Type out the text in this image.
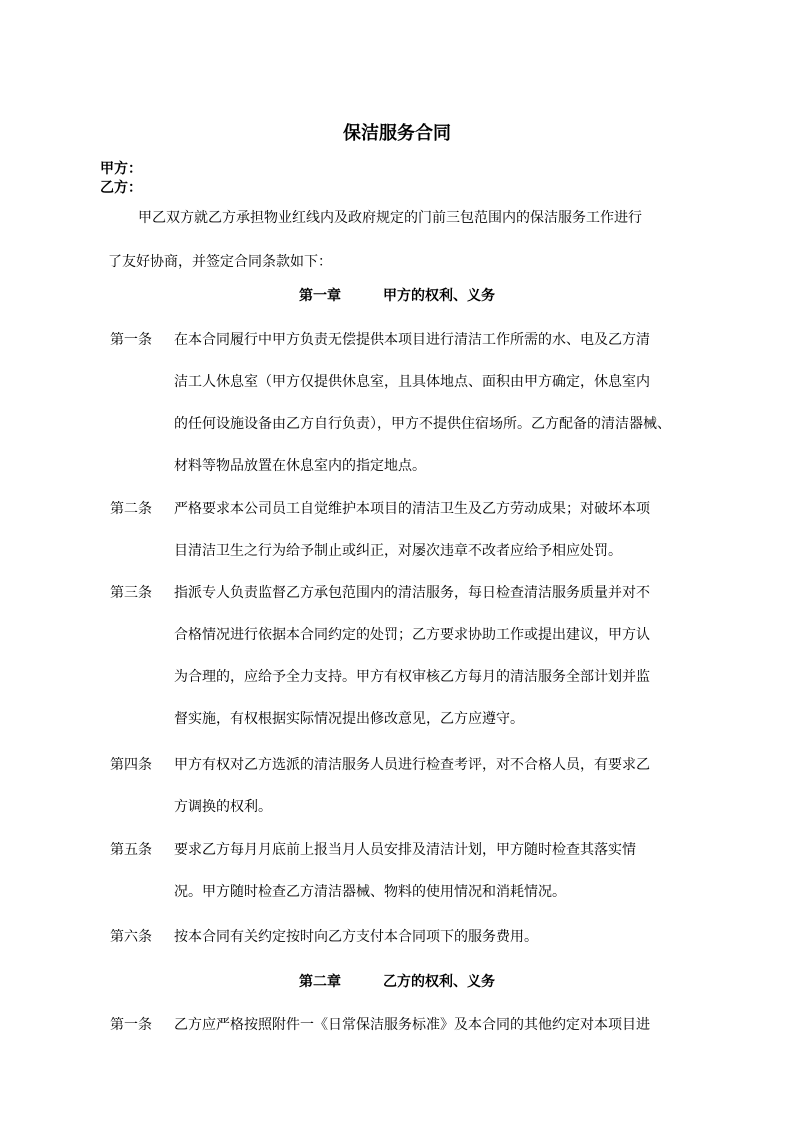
保洁服务合同
甲方：
乙方：
甲乙双方就乙方承担物业红线内及政府规定的门前三包范围内的保洁服务工作进行
了友好协商，并签定合同条款如下：
第一章	甲方的权利、义务
第一条 在本合同履行中甲方负责无偿提供本项目进行清洁工作所需的水、电及乙方清
洁工人休息室（甲方仅提供休息室，且具体地点、面积由甲方确定，休息室内
的任何设施设备由乙方自行负责），甲方不提供住宿场所。乙方配备的清洁器械、
材料等物品放置在休息室内的指定地点。
第二条 严格要求本公司员工自觉维护本项目的清洁卫生及乙方劳动成果；对破坏本项
目清洁卫生之行为给予制止或纠正，对屡次违章不改者应给予相应处罚。
第三条 指派专人负责监督乙方承包范围内的清洁服务，每日检查清洁服务质量并对不
合格情况进行依据本合同约定的处罚；乙方要求协助工作或提出建议，甲方认
为合理的，应给予全力支持。甲方有权审核乙方每月的清洁服务全部计划并监
督实施，有权根据实际情况提出修改意见，乙方应遵守。
第四条 甲方有权对乙方选派的清洁服务人员进行检查考评，对不合格人员，有要求乙
方调换的权利。
第五条 要求乙方每月月底前上报当月人员安排及清洁计划，甲方随时检查其落实情
况。甲方随时检查乙方清洁器械、物料的使用情况和消耗情况。
第六条 按本合同有关约定按时向乙方支付本合同项下的服务费用。
第二章	乙方的权利、义务
第一条 乙方应严格按照附件一《日常保洁服务标准》及本合同的其他约定对本项目进
